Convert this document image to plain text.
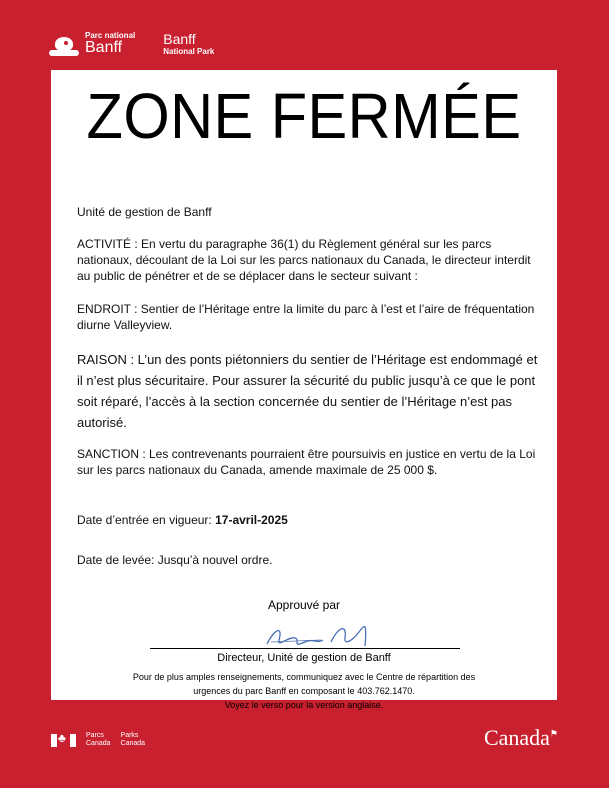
Parc national
Banff	Banff
National Park
ZONE FERMÉE
Unité de gestion de Banff
ACTIVITÉ : En vertu du paragraphe 36(1) du Règlement général sur les parcs nationaux, découlant de la Loi sur les parcs nationaux du Canada, le directeur interdit au public de pénétrer et de se déplacer dans le secteur suivant :
ENDROIT : Sentier de l’Héritage entre la limite du parc à l’est et l’aire de fréquentation diurne Valleyview.
RAISON : L’un des ponts piétonniers du sentier de l’Héritage est endommagé et il n’est plus sécuritaire. Pour assurer la sécurité du public jusqu’à ce que le pont soit réparé, l’accès à la section concernée du sentier de l’Héritage n’est pas autorisé.
SANCTION : Les contrevenants pourraient être poursuivis en justice en vertu de la Loi sur les parcs nationaux du Canada, amende maximale de 25 000 $.
Date d’entrée en vigueur: 17-avril-2025
Date de levée: Jusqu’à nouvel ordre.
Approuvé par
Directeur, Unité de gestion de Banff
Pour de plus amples renseignements, communiquez avec le Centre de répartition des
urgences du parc Banff en composant le 403.762.1470.
Voyez le verso pour la version anglaise.
♣
Parcs
Canada
Parks
Canada	Canada⚑
